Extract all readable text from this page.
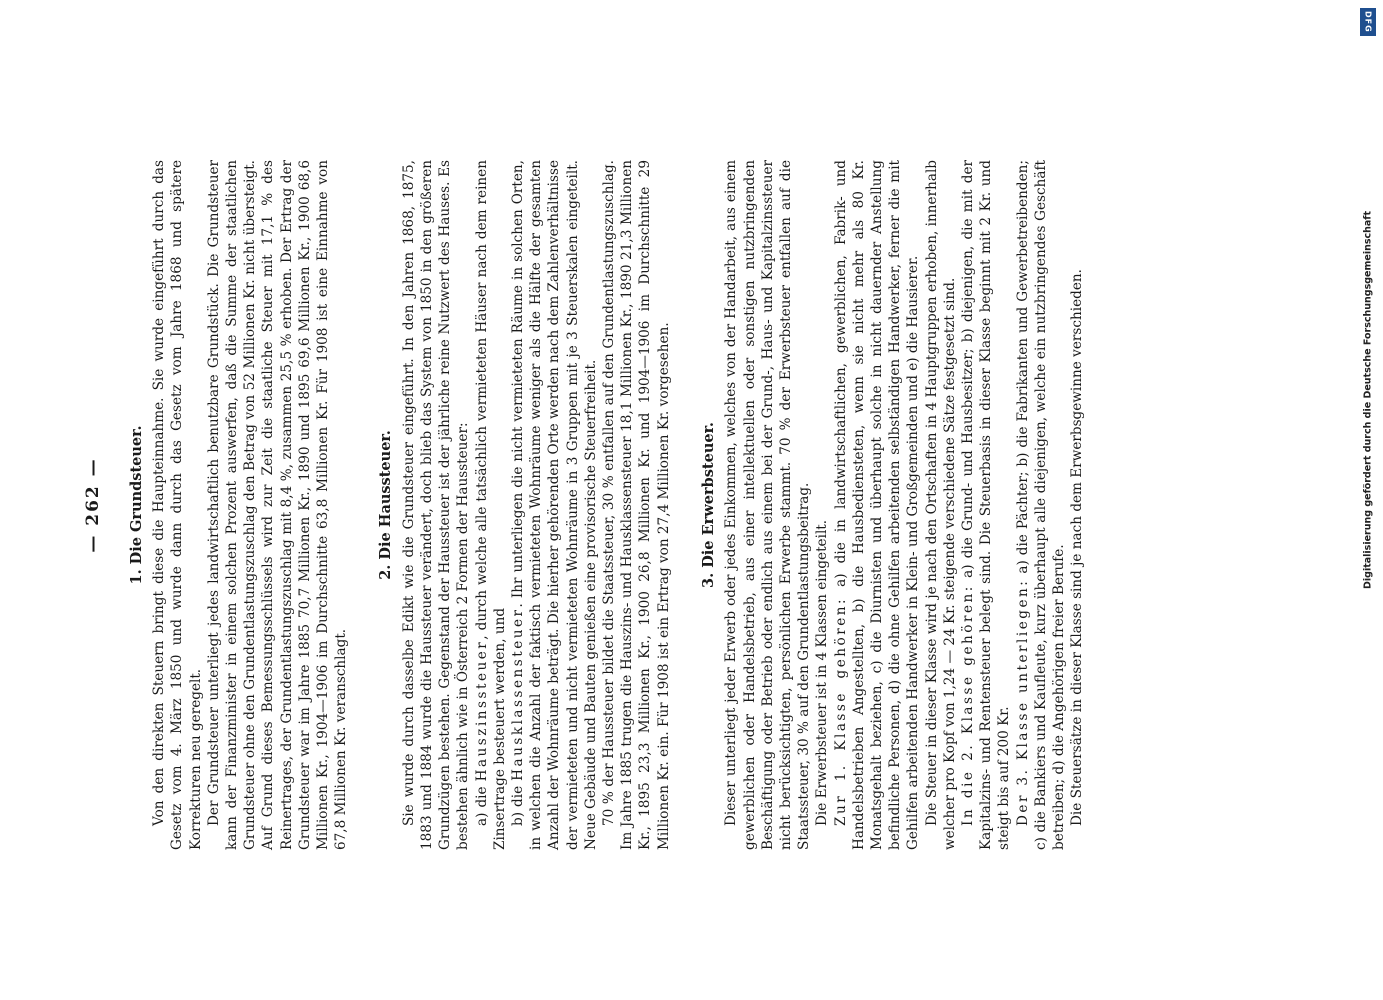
— 262 — 1. Die Grundsteuer. Von den direkten Steuern bringt diese die Haupteinnahme. Sie wurde eingeführt durch das Gesetz vom 4. März 1850 und wurde dann durch das Gesetz vom Jahre 1868 und spätere Korrekturen neu geregelt. Der Grundsteuer unterliegt jedes landwirtschaftlich benutzbare Grundstück. Die Grundsteuer kann der Finanzminister in einem solchen Prozent auswerfen, daß die Summe der staatlichen Grundsteuer ohne den Grundentlastungszuschlag den Betrag von 52 Millionen Kr. nicht übersteigt. Auf Grund dieses Bemessungsschlüssels wird zur Zeit die staatliche Steuer mit 17,1 % des Reinertrages, der Grundentlastungszuschlag mit 8,4 %, zusammen 25,5 % erhoben. Der Ertrag der Grundsteuer war im Jahre 1885 70,7 Millionen Kr., 1890 und 1895 69,6 Millionen Kr., 1900 68,6 Millionen Kr., 1904—1906 im Durchschnitte 63,8 Millionen Kr. Für 1908 ist eine Einnahme von 67,8 Millionen Kr. veranschlagt.

2. Die Haussteuer. Sie wurde durch dasselbe Edikt wie die Grundsteuer eingeführt. In den Jahren 1868, 1875, 1883 und 1884 wurde die Haussteuer verändert, doch blieb das System von 1850 in den größeren Grundzügen bestehen. Gegenstand der Haussteuer ist der jährliche reine Nutzwert des Hauses. Es bestehen ähnlich wie in Österreich 2 Formen der Haussteuer: a) die Hauszinssteuer, durch welche alle tatsächlich vermieteten Häuser nach dem reinen Zinsertrage besteuert werden, und b) die Hausklassensteuer. Ihr unterliegen die nicht vermieteten Räume in solchen Orten, in welchen die Anzahl der faktisch vermieteten Wohnräume weniger als die Hälfte der gesamten Anzahl der Wohnräume beträgt. Die hierher gehörenden Orte werden nach dem Zahlenverhältnisse der vermieteten und nicht vermieteten Wohnräume in 3 Gruppen mit je 3 Steuerskalen eingeteilt. Neue Gebäude und Bauten genießen eine provisorische Steuerfreiheit. 70 % der Haussteuer bildet die Staatssteuer, 30 % entfallen auf den Grundentlastungszuschlag. Im Jahre 1885 trugen die Hauszins- und Hausklassensteuer 18,1 Millionen Kr., 1890 21,3 Millionen Kr., 1895 23,3 Millionen Kr., 1900 26,8 Millionen Kr. und 1904—1906 im Durchschnitte 29 Millionen Kr. ein. Für 1908 ist ein Ertrag von 27,4 Millionen Kr. vorgesehen. 3. Die Erwerbsteuer. Dieser unterliegt jeder Erwerb oder jedes Einkommen, welches von der Handarbeit, aus einem gewerblichen oder Handelsbetrieb, aus einer intellektuellen oder sonstigen nutzbringenden Beschäftigung oder Betrieb oder endlich aus einem bei der Grund-, Haus- und Kapitalzinssteuer nicht berücksichtigten, persönlichen Erwerbe stammt. 70 % der Erwerbsteuer entfallen auf die Staatssteuer, 30 % auf den Grundentlastungsbeitrag. Die Erwerbsteuer ist in 4 Klassen eingeteilt. Zur 1. Klasse gehören: a) die in landwirtschaftlichen, gewerblichen, Fabrik- und Handelsbetrieben Angestellten, b) die Hausbediensteten, wenn sie nicht mehr als 80 Kr. Monatsgehalt beziehen, c) die Diurnisten und überhaupt solche in nicht dauernder Anstellung befindliche Personen, d) die ohne Gehilfen arbeitenden selbständigen Handwerker, ferner die mit Gehilfen arbeitenden Handwerker in Klein- und Großgemeinden und e) die Hausierer. Die Steuer in dieser Klasse wird je nach den Ortschaften in 4 Hauptgruppen erhoben, innerhalb welcher pro Kopf von 1,24 — 24 Kr. steigende verschiedene Sätze festgesetzt sind. In die 2. Klasse gehören: a) die Grund- und Hausbesitzer; b) diejenigen, die mit der Kapitalzins- und Rentensteuer belegt sind. Die Steuerbasis in dieser Klasse beginnt mit 2 Kr. und steigt bis auf 200 Kr. Der 3. Klasse unterliegen: a) die Pächter; b) die Fabrikanten und Gewerbetreibenden; c) die Bankiers und Kaufleute, kurz überhaupt alle diejenigen, welche ein nutzbringendes Geschäft betreiben; d) die Angehörigen freier Berufe. Die Steuersätze in dieser Klasse sind je nach dem Erwerbsgewinne verschieden.

DFG
Digitalisierung gefördert durch die Deutsche Forschungsgemeinschaft
